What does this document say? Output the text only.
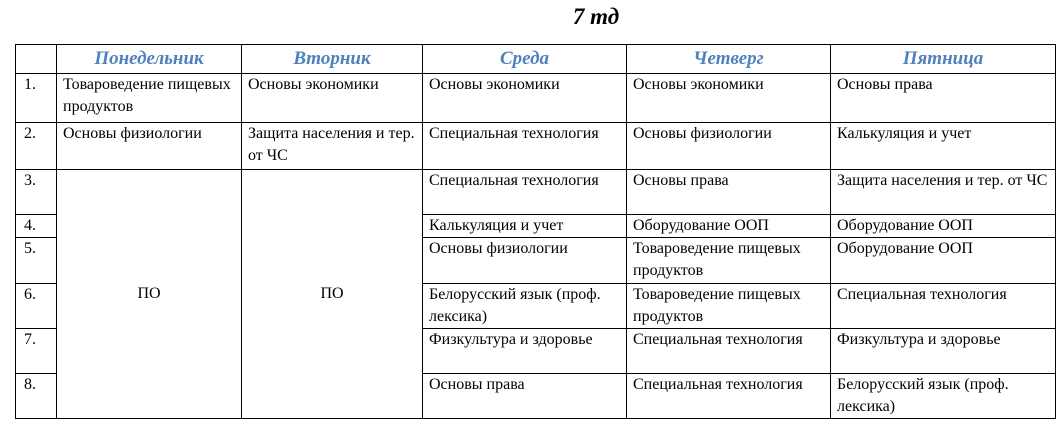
7 тд
	Понедельник	Вторник	Среда	Четверг	Пятница
1.	Товароведение пищевых продуктов	Основы экономики	Основы экономики	Основы экономики	Основы права
2.	Основы физиологии	Защита населения и тер. от ЧС	Специальная технология	Основы физиологии	Калькуляция и учет
3.	ПО	ПО	Специальная технология	Основы права	Защита населения и тер. от ЧС
4.			Калькуляция и учет	Оборудование ООП	Оборудование ООП
5.			Основы физиологии	Товароведение пищевых продуктов	Оборудование ООП
6.			Белорусский язык (проф. лексика)	Товароведение пищевых продуктов	Специальная технология
7.			Физкультура и здоровье	Специальная технология	Физкультура и здоровье
8.			Основы права	Специальная технология	Белорусский язык (проф. лексика)
